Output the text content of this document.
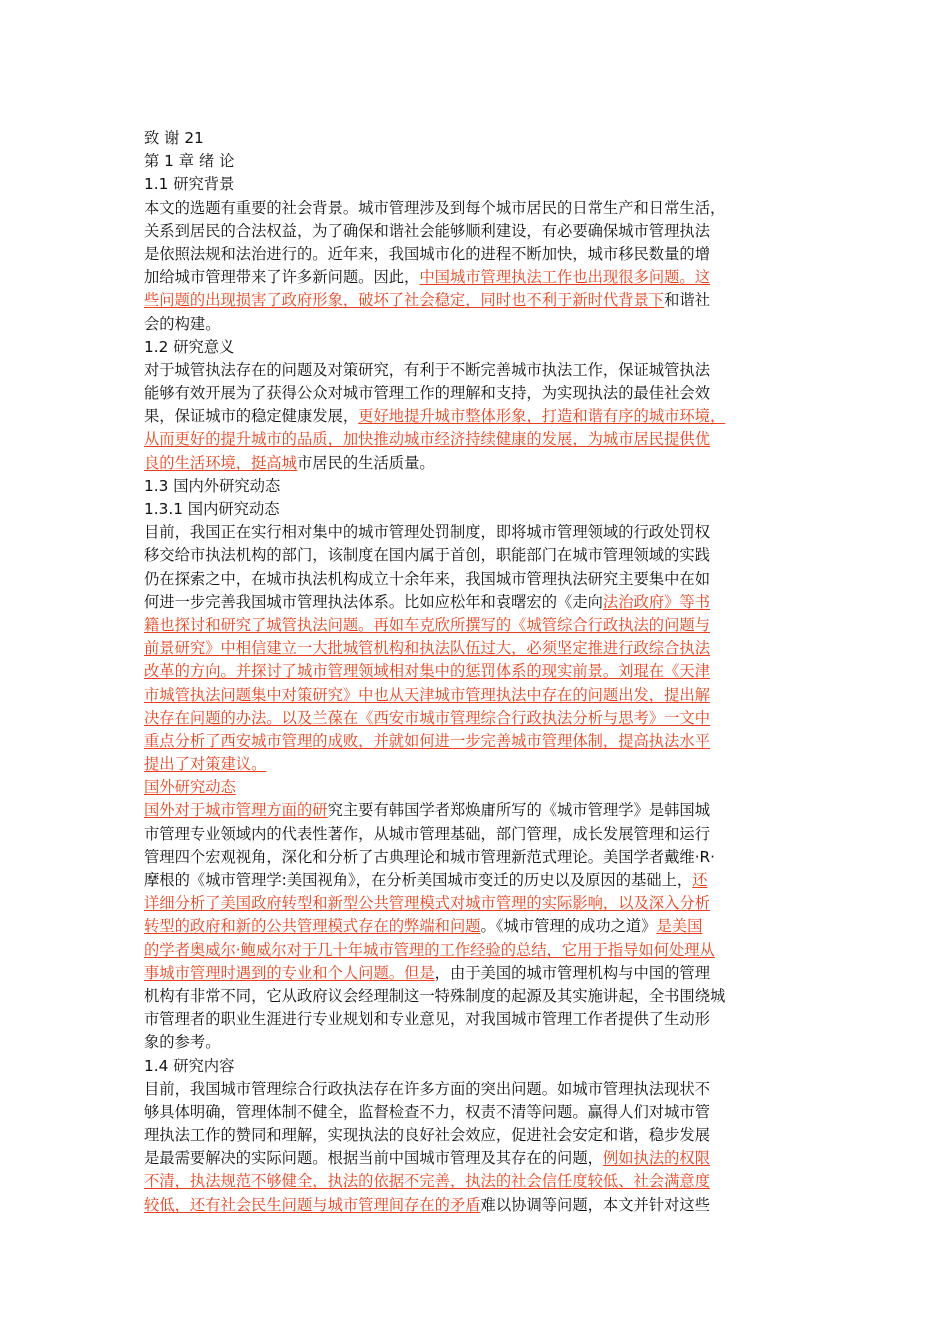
致 谢 21
第 1 章 绪 论
1.1 研究背景
本文的选题有重要的社会背景。城市管理涉及到每个城市居民的日常生产和日常生活，
关系到居民的合法权益，为了确保和谐社会能够顺利建设，有必要确保城市管理执法
是依照法规和法治进行的。近年来，我国城市化的进程不断加快，城市移民数量的增
加给城市管理带来了许多新问题。因此，中国城市管理执法工作也出现很多问题。这
些问题的出现损害了政府形象，破坏了社会稳定，同时也不利于新时代背景下和谐社
会的构建。
1.2 研究意义
对于城管执法存在的问题及对策研究，有利于不断完善城市执法工作，保证城管执法
能够有效开展为了获得公众对城市管理工作的理解和支持，为实现执法的最佳社会效
果，保证城市的稳定健康发展，更好地提升城市整体形象，打造和谐有序的城市环境，
从而更好的提升城市的品质，加快推动城市经济持续健康的发展，为城市居民提供优
良的生活环境，挺高城市居民的生活质量。
1.3 国内外研究动态
1.3.1 国内研究动态
目前，我国正在实行相对集中的城市管理处罚制度，即将城市管理领域的行政处罚权
移交给市执法机构的部门，该制度在国内属于首创，职能部门在城市管理领域的实践
仍在探索之中，在城市执法机构成立十余年来，我国城市管理执法研究主要集中在如
何进一步完善我国城市管理执法体系。比如应松年和袁曙宏的《走向法治政府》等书
籍也探讨和研究了城管执法问题。再如车克欣所撰写的《城管综合行政执法的问题与
前景研究》中相信建立一大批城管机构和执法队伍过大，必须坚定推进行政综合执法
改革的方向。并探讨了城市管理领域相对集中的惩罚体系的现实前景。刘琨在《天津
市城管执法问题集中对策研究》中也从天津城市管理执法中存在的问题出发，提出解
决存在问题的办法。以及兰葆在《西安市城市管理综合行政执法分析与思考》一文中
重点分析了西安城市管理的成败，并就如何进一步完善城市管理体制，提高执法水平
提出了对策建议。
国外研究动态
国外对于城市管理方面的研究主要有韩国学者郑焕庸所写的《城市管理学》是韩国城
市管理专业领域内的代表性著作，从城市管理基础，部门管理，成长发展管理和运行
管理四个宏观视角，深化和分析了古典理论和城市管理新范式理论。美国学者戴维·R·
摩根的《城市管理学:美国视角》，在分析美国城市变迁的历史以及原因的基础上，还
详细分析了美国政府转型和新型公共管理模式对城市管理的实际影响，以及深入分析
转型的政府和新的公共管理模式存在的弊端和问题。《城市管理的成功之道》是美国
的学者奥威尔·鲍威尔对于几十年城市管理的工作经验的总结，它用于指导如何处理从
事城市管理时遇到的专业和个人问题。但是，由于美国的城市管理机构与中国的管理
机构有非常不同，它从政府议会经理制这一特殊制度的起源及其实施讲起，全书围绕城
市管理者的职业生涯进行专业规划和专业意见，对我国城市管理工作者提供了生动形
象的参考。
1.4 研究内容
目前，我国城市管理综合行政执法存在许多方面的突出问题。如城市管理执法现状不
够具体明确，管理体制不健全，监督检查不力，权责不清等问题。赢得人们对城市管
理执法工作的赞同和理解，实现执法的良好社会效应，促进社会安定和谐，稳步发展
是最需要解决的实际问题。根据当前中国城市管理及其存在的问题，例如执法的权限
不清，执法规范不够健全，执法的依据不完善，执法的社会信任度较低、社会满意度
较低，还有社会民生问题与城市管理间存在的矛盾难以协调等问题，本文并针对这些
